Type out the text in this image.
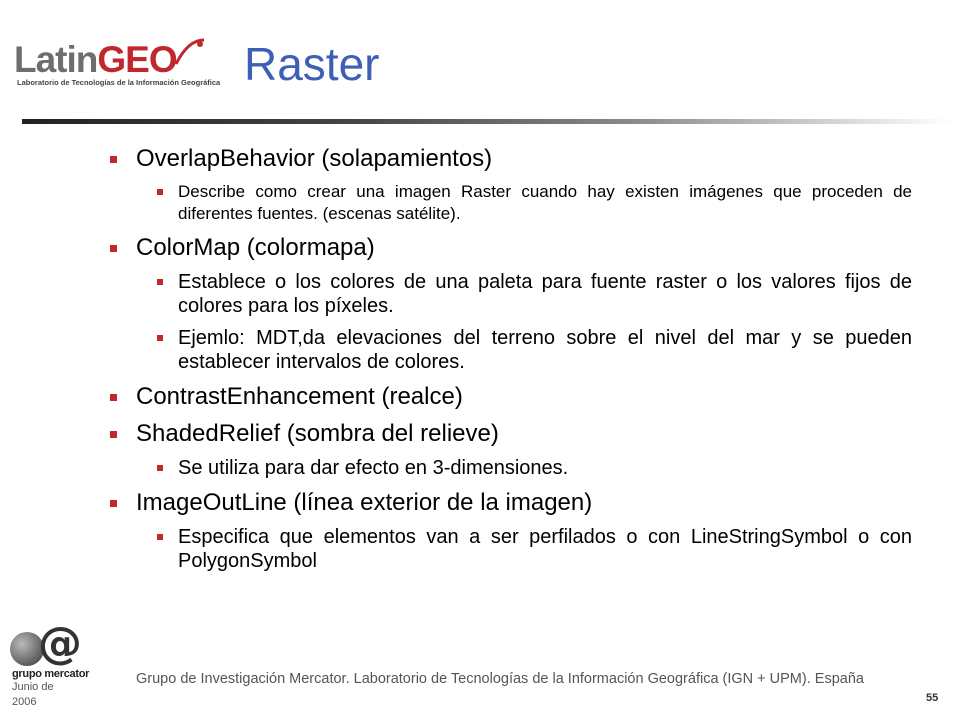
LatinGEO
Laboratorio de Tecnologías de la Información Geográfica Raster
OverlapBehavior (solapamientos)
Describe como crear una imagen Raster cuando hay existen imágenes que proceden de diferentes fuentes. (escenas satélite).
ColorMap (colormapa)
Establece o los colores de una paleta para fuente raster o los valores fijos de colores para los píxeles.
Ejemlo: MDT,da elevaciones del terreno sobre el nivel del mar y se pueden establecer intervalos de colores.
ContrastEnhancement (realce)
ShadedRelief (sombra del relieve)
Se utiliza para dar efecto en 3-dimensiones.
ImageOutLine (línea exterior de la imagen)
Especifica que elementos van a ser perfilados o con LineStringSymbol o con PolygonSymbol
@
grupo mercator
Junio de 2006
Grupo de Investigación Mercator. Laboratorio de Tecnologías de la Información Geográfica (IGN + UPM). España
55
